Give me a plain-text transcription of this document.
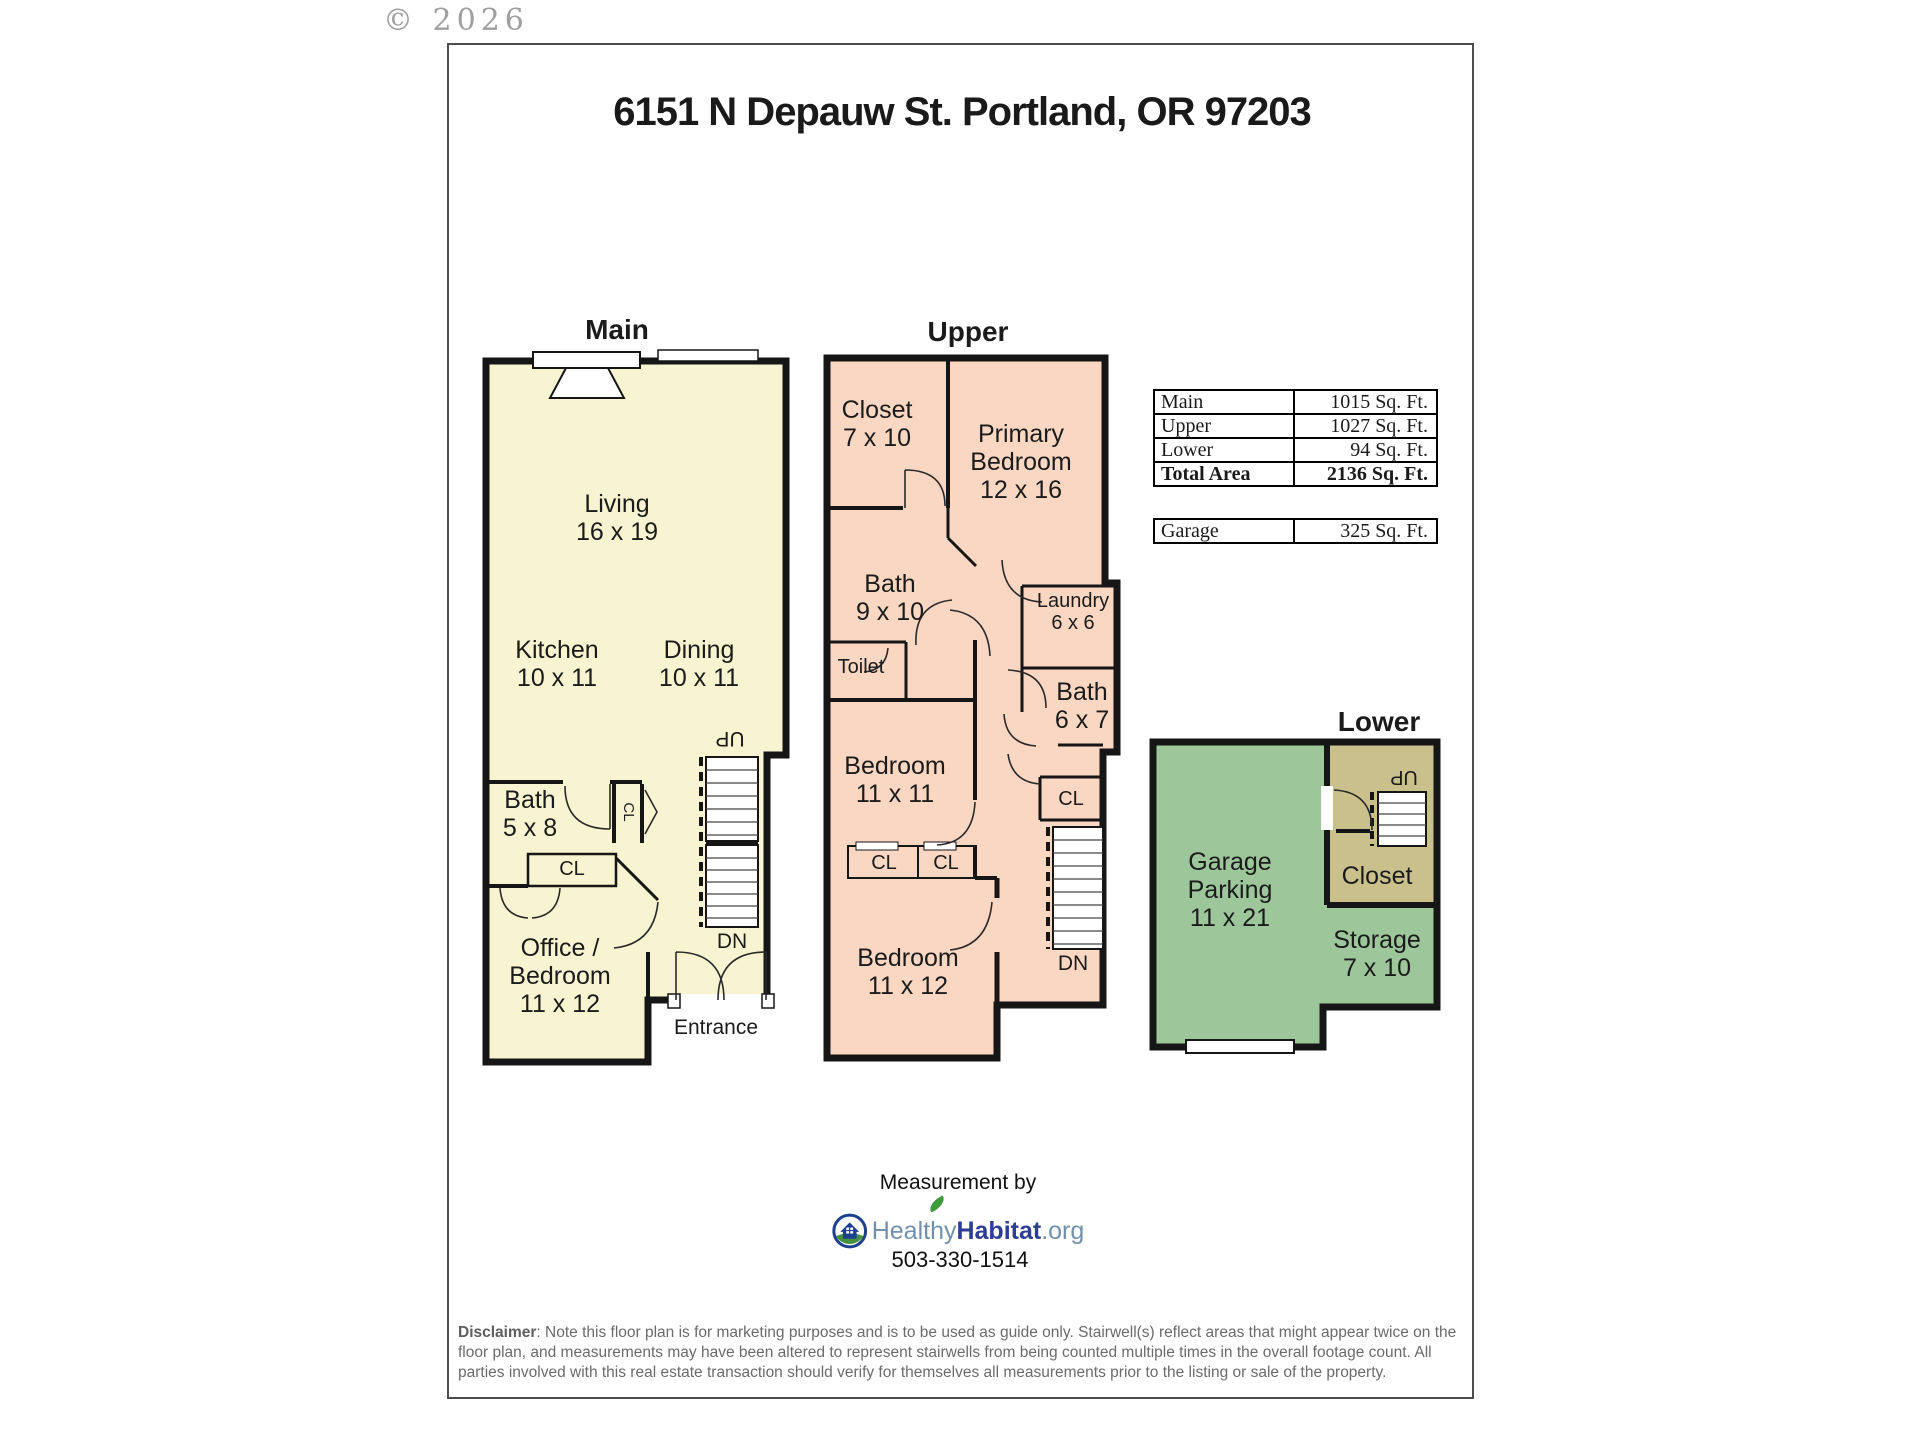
© 2026
6151 N Depauw St. Portland, OR 97203
Main
Living
16 x 19
Kitchen
10 x 11
Dining
10 x 11
Bath
5 x 8
CL
CL
Office /
Bedroom
11 x 12
UP
DN
Entrance
Upper
Closet
7 x 10	Primary
Bedroom
12 x 16
Bath
9 x 10	Laundry
6 x 6
Toilet
Bath
6 x 7
Bedroom
11 x 11	CL
CL CL
Bedroom
11 x 12
DN
Lower
Garage
Parking
11 x 21
UP
Closet
Storage
7 x 10
Main	1015 Sq. Ft.
Upper	1027 Sq. Ft.
Lower	94 Sq. Ft.
Total Area	2136 Sq. Ft.
Garage	325 Sq. Ft.
Measurement by
HealthyHabitat.org
503-330-1514
Disclaimer: Note this floor plan is for marketing purposes and is to be used as guide only. Stairwell(s) reflect areas that might appear twice on the floor plan, and measurements may have been altered to represent stairwells from being counted multiple times in the overall footage count. All parties involved with this real estate transaction should verify for themselves all measurements prior to the listing or sale of the property.
